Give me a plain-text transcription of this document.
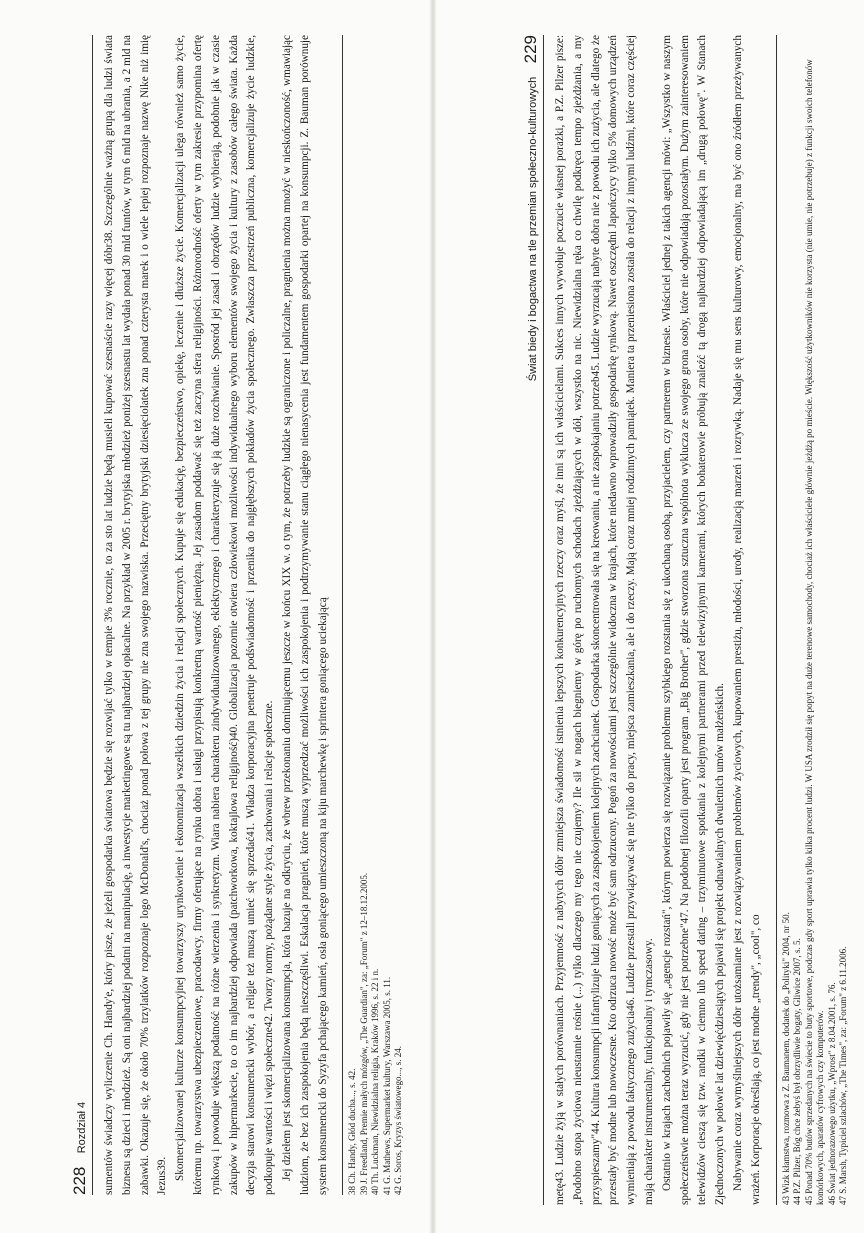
228    Rozdział 4 sumentów świadczy wyliczenie Ch. Handy'e, który pisze, że jeżeli gospodarka światowa będzie się rozwijać tylko w tempie 3% rocznie, to za sto lat ludzie będą musieli kupować szesnaście razy więcej dóbr38. Szczególnie ważną grupą dla ludzi świata biznesu są dzieci i młodzież. Są oni najbardziej podatni na manipulację, a inwestycje marketingowe są tu najbardziej opłacalne. Na przykład w 2005 r. brytyjska młodzież poniżej szesnastu lat wydała ponad 30 mld funtów, w tym 6 mld na ubrania, a 2 mld na zabawki. Okazuje się, że około 70% trzylatków rozpoznaje logo McDonald's, chociaż ponad połowa z tej grupy nie zna swojego nazwiska. Przeciętny brytyjski dziesięciolatek zna ponad czterysta marek i o wiele lepiej rozpoznaje nazwę Nike niż imię Jezus39. Skomercjalizowanej kulturze konsumpcyjnej towarzyszy urynkowienie i ekonomizacja wszelkich dziedzin życia i relacji społecznych. Kupuje się edukację, bezpieczeństwo, opiekę, leczenie i dłuższe życie. Komercjalizacji ulega również samo życie, któremu np. towarzystwa ubezpieczeniowe, pracodawcy, firmy oferujące na rynku dobra i usługi przypisują konkretną wartość pieniężną. Jej zasadom poddawać się też zaczyna sfera religijności. Różnorodność oferty w tym zakresie przypomina ofertę rynkową i powoduje większą podatność na różne wierzenia i synkretyzm. Wiara nabiera charakteru zindywidualizowanego, eklektycznego i charakteryzuje się ją duże rozchwianie. Sposród jej zasad i obrzędów ludzie wybierają, podobnie jak w czasie zakupów w hipermarkecie, to co im najbardziej odpowiada (patchworkowa, koktajlowa religijność)40. Globalizacja pozornie otwiera człowiekowi możliwości indywidualnego wyboru elementów swojego życia i kultury z zasobów całego świata. Każda decyzja starowi konsumencki wybór, a religie też muszą umieć się sprzedać41. Władza korporacyjna penetruje podświadomość i przenika do najgłębszych pokładów życia społecznego. Zwłaszcza przestrzeń publiczna, komercjalizuje życie ludzkie, podkopuje wartości i więzi społeczne42. Tworzy normy, pożądane style życia, zachowania i relacje społeczne. Jej dziełem jest skomercjalizowana konsumpcja, która bazuje na odkryciu, że wbrew przekonaniu dominującemu jeszcze w końcu XIX w. o tym, że potrzeby ludzkie są ograniczone i policzalne, pragnienia można mnożyć w nieskończoność, wmawiając ludziom, że bez ich zaspokojenia będą nieszczęśliwi. Eskalacja pragnień, które muszą wyprzedzać możliwości ich zaspokojenia i podtrzymywanie stanu ciągłego nienasycenia jest fundamentem gospodarki opartej na konsumpcji. Z. Bauman porównuje system konsumencki do Syzyfa pchającego kamień, osła goniącego umieszczoną na kiju marchewkę i sprintera goniącego uciekającą	38 Ch. Handy, Głód ducha..., s. 42. 39 J. Freedland, Premie małych mózgów, „The Guardian", za: „Forum" z 12–18.12.2005. 40 Th. Luckman, Niewidzialna religia, Kraków 1996, s. 22 i n. 41 G. Mathews, Supermarket kultury, Warszawa 2005, s. 11. 42 G. Soros, Kryzys światowego..., s. 24.
Świat biedy i bogactwa na tle przemian społeczno-kulturowych    229 metę43. Ludzie żyją w stałych porównaniach. Przyjemność z nabytych dóbr zmniejsza świadomość istnienia lepszych konkurencyjnych rzeczy oraz myśl, że inni są ich właścicielami. Sukces innych wywołuje poczucie własnej porażki, a P.Z. Pilzer pisze: „Podobno stopa życiowa nieustannie rośnie (...) tylko dlaczego my tego nie czujemy? Ile sił w nogach biegniemy w górę po ruchomych schodach zjeżdżających w dół, wszystko na nic. Niewidzialna ręka co chwilę podkręca tempo zjeżdżania, a my przyspieszamy"44. Kultura konsumpcji infantylizuje ludzi goniących za zaspokojeniem kolejnych zachcianek. Gospodarka skoncentrowała się na kreowaniu, a nie zaspokajaniu potrzeb45. Ludzie wyrzucają nabyte dobra nie z powodu ich zużycia, ale dlatego że przestały być modne lub nowoczesne. Kto odrzuca nowość może być sam odrzucony. Pogoń za nowościami jest szczególnie widoczna w krajach, które niedawno wprowadziły gospodarkę rynkową. Nawet oszczędni Japończycy tylko 5% domowych urządzeń wymieniają z powodu faktycznego zużycia46. Ludzie przestali przywiązywać się nie tylko do pracy, miejsca zamieszkania, ale i do rzeczy. Mają coraz mniej rodzinnych pamiątek. Maniera ta przeniesiona została do relacji z innymi ludźmi, które coraz częściej mają charakter instrumentalny, funkcjonalny i tymczasowy. Ostatnio w krajach zachodnich pojawiły się „agencje rozstań", którym powierza się rozwiązanie problemu szybkiego rozstania się z ukochaną osobą, przyjacielem, czy partnerem w biznesie. Właściciel jednej z takich agencji mówi: „Wszystko w naszym społeczeństwie można teraz wyrzucić, gdy nie jest potrzebne"47. Na podobnej filozofii oparty jest program „Big Brother", gdzie stworzona sztuczna wspólnota wyklucza ze swojego grona osoby, które nie odpowiadają pozostałym. Dużym zainteresowaniem telewidzów cieszą się tzw. randki w ciemno lub speed dating – trzyminutowe spotkania z kolejnymi partnerami przed telewizyjnymi kamerami, których bohaterowie próbują znaleźć tą drogą najbardziej odpowiadającą im „drugą połowę". W Stanach Zjednoczonych w połowie lat dziewięćdziesiątych pojawił się projekt odnawialnych dwuletnich umów małżeńskich. Nabywanie coraz wymyślniejszych dóbr utożsamiane jest z rozwiązywaniem problemów życiowych, kupowaniem prestiżu, młodości, urody, realizacją marzeń i rozrywką. Nadaje się mu sens kulturowy, emocjonalny, ma być ono źródłem przeżywanych wrażeń. Korporacje określają, co jest modne „trendy", „cool", co	43 Wizk kłamstwa, rozmowa z Z. Baumanem, dodatek do „Polityki" 2004, nr 50. 44 P.Z. Pilzer, Bóg chce żebyś był obrzydliwie bogaty, Gliwice 2007, s. 5. 45 Ponad 70% butów sprzedanych na świecie to buty sportowe, podczas gdy sport uprawia tylko kilka procent ludzi. W USA zrodził się popyt na duże terenowe samochody, chociaż ich właściciele głównie jeżdżą po mieście. Większość użytkowników nie korzysta (nie umie, nie potrzebuje) z funkcji swoich telefonów komórkowych, aparatów cyfrowych czy komputerów. 46 Świat jednorazowego użytku, „Wprost" z 8.04.2001, s. 76. 47 S. Marsh, Typiciel szlachów, „The Times", za: „Forum" z 6.11.2006.
